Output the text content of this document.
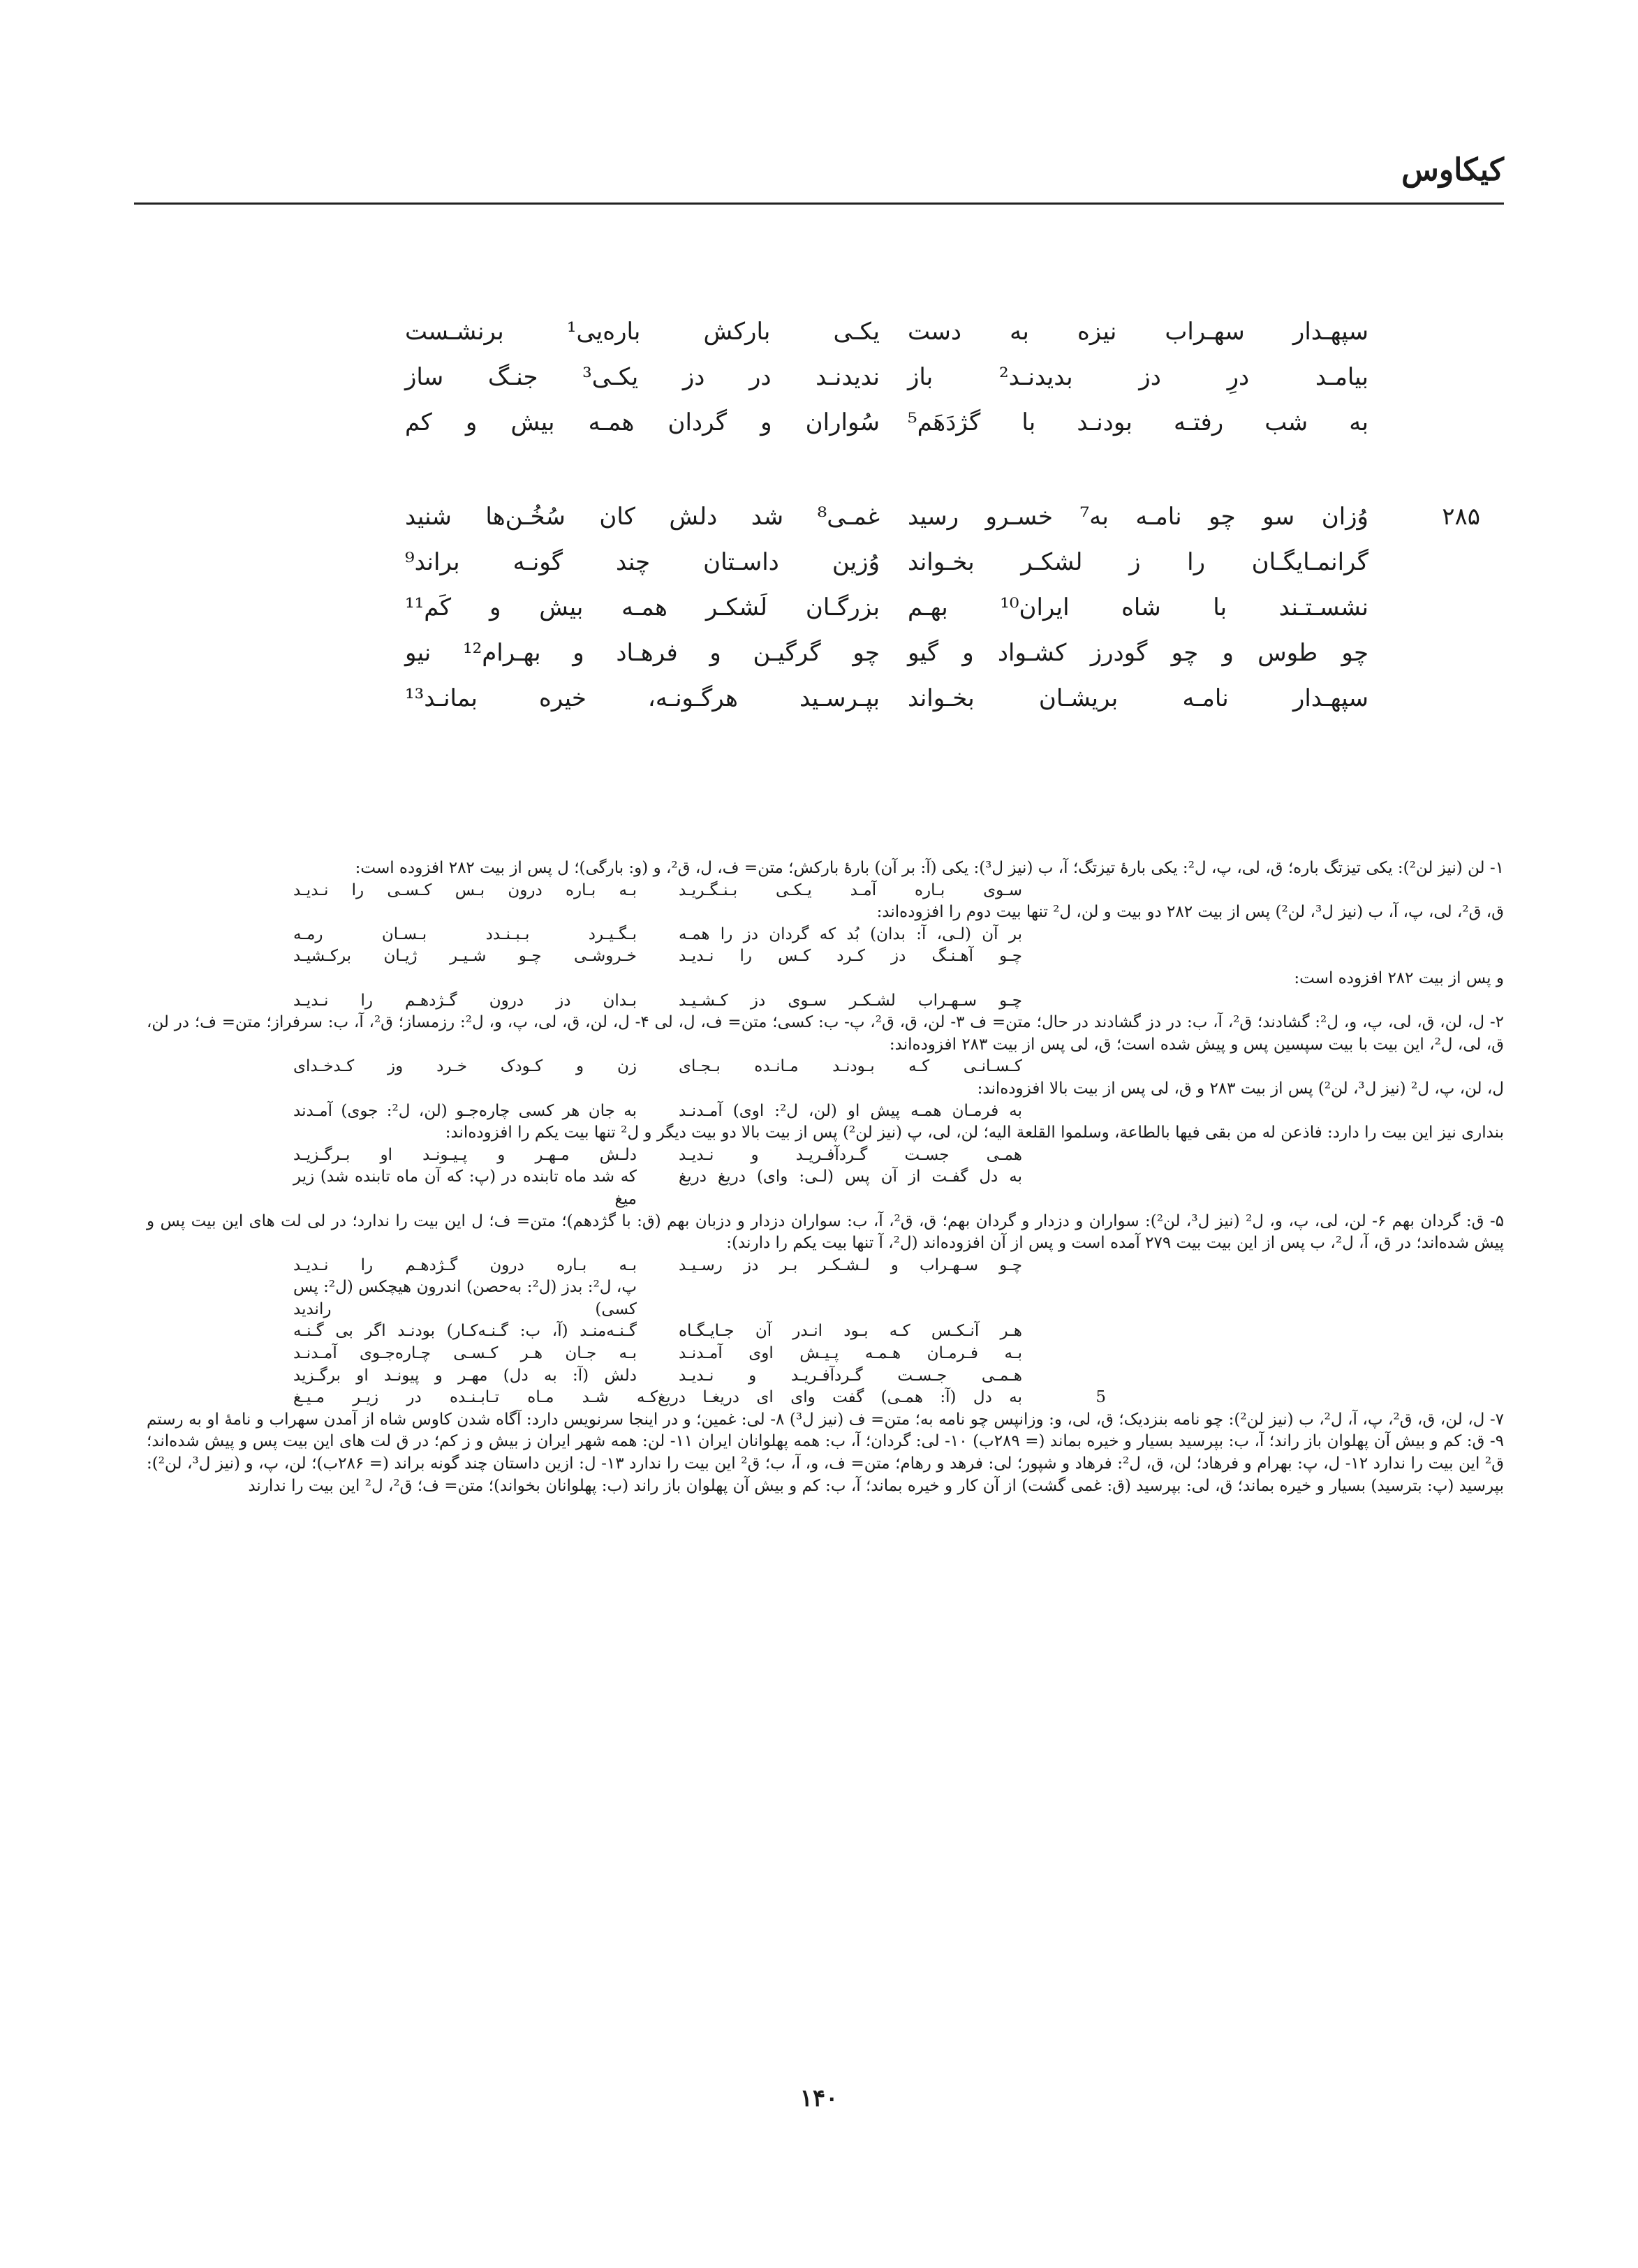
کیکاوس
سپهـدار سهـراب نیزه به دست
یکـی بارکش باره‌یی¹ برنشـست
بیامـد درِ دز بدیدنـد² باز
ندیدنـد در دز یکـی³ جنـگ ساز
به شب رفتـه بودنـد با گژدَهَم⁵
سُواران و گردان همـه بیش و کم
۲۸۵
وُزان سو چو نامـه به⁷ خسـرو رسید
غمـی⁸ شد دلش کان سُخُـن‌ها شنید
گرانمـایگـان را ز لشکـر بخـواند
وُزین داسـتان چند گونـه براند⁹
نشسـتـند با شاه ایران¹⁰ بهـم
بزرگـان لَشکـر همـه بیش و کَم¹¹
چو طوس و چو گودرز کشـواد و گیو
چو گرگیـن و فرهـاد و بهـرام¹² نیو
سپهـدار نامـه بریشـان بخـواند
بپـرسـید هرگـونـه، خیره بمانـد¹³

۱- لن (نیز لن²): یکی تیزتگ باره؛ ق، لی، پ، ل²: یکی بارهٔ تیزتگ؛ آ، ب (نیز ل³): یکی (آ: بر آن) بارهٔ بارکش؛ متن= ف، ل، ق²، و (و: بارگی)؛ ل پس از بیت ۲۸۲ افزوده است:

سـوی بـاره آمـد یـکـی بـنـگـریـد
بـه بـاره درون بـس کـسـی را نـدیـد

ق، ق²، لی، پ، آ، ب (نیز ل³، لن²) پس از بیت ۲۸۲ دو بیت و لن، ل² تنها بیت دوم را افزوده‌اند:

بر آن (لـی، آ: بدان) بُد که گردان دز را همـه
بـگـیـرد بـبـنـدد بـسـان رمـه
چـو آهـنـگ دز کـرد کـس را نـدیـد
خـروشـی چـو شـیـر ژیـان برکـشیـد

و پس از بیت ۲۸۲ افزوده است:

چـو سـهـراب لشـکـر سـوی دز کـشـیـد
بـدان دز درون گـژدهـم را نـدیـد

۲- ل، لن، ق، لی، پ، و، ل²: گشادند؛ ق²، آ، ب: در دز گشادند در حال؛ متن= ف ۳- لن، ق، ق²، پ- ب: کسی؛ متن= ف، ل، لی ۴- ل، لن، ق، لی، پ، و، ل²: رزمساز؛ ق²، آ، ب: سرفراز؛ متن= ف؛ در لن، ق، لی، ل²، این بیت با بیت سپسین پس و پیش شده است؛ ق، لی پس از بیت ۲۸۳ افزوده‌اند:

کـسـانـی کـه بـودنـد مـانـده بـجـای
زن و کـودک خـرد وز کـدخـدای

ل، لن، پ، ل² (نیز ل³، لن²) پس از بیت ۲۸۳ و ق، لی پس از بیت بالا افزوده‌اند:

به فرمـان همـه پیش او (لن، ل²: اوی) آمـدنـد
به جان هر کسی چاره‌جـو (لن، ل²: جوی) آمـدند

بنداری نیز این بیت را دارد: فاذعن له من بقی فیها بالطاعة، وسلموا القلعة الیه؛ لن، لی، پ (نیز لن²) پس از بیت بالا دو بیت دیگر و ل² تنها بیت یکم را افزوده‌اند:

همـی جسـت گـردآفـریـد و نـدیـد
دلـش مـهـر و پـیـونـد او بـرگـزیـد
به دل گفـت از آن پس (لـی: وای) دریغ دریغ
که شد ماه تابنده در (پ: که آن ماه تابنده شد) زیر میغ

۵- ق: گردان بهم ۶- لن، لی، پ، و، ل² (نیز ل³، لن²): سواران و دزدار و گردان بهم؛ ق، ق²، آ، ب: سواران دزدار و دزبان بهم (ق: با گژدهم)؛ متن= ف؛ ل این بیت را ندارد؛ در لی لت های این بیت پس و پیش شده‌اند؛ در ق، آ، ل²، ب پس از این بیت بیت ۲۷۹ آمده است و پس از آن افزوده‌اند (ل²، آ تنها بیت یکم را دارند):

چـو سـهـراب و لـشـکـر بـر دز رسـیـد
بـه بـاره درون گـژدهـم را نـدیـد
پ، ل²: بدز (ل²: به‌حصن) اندرون هیچکس (ل²: پس کسی) راندید
هـر آنـکـس کـه بـود انـدر آن جـایـگـاه
گـنـه‌منـد (آ، ب: گـنـه‌کـار) بودنـد اگر بی گـنـه
بـه فـرمـان هـمـه پـیـش اوی آمـدنـد
بـه جـان هـر کـسـی چـاره‌جـوی آمـدنـد
هـمـی جـسـت گـردآفـریـد و نـدیـد
دلش (آ: به دل) مهـر و پیونـد او برگـزید
5
به دل (آ: همـی) گفت وای ای دریغـا دریغ
کـه شـد مـاه تـابـنـده در زیـر مـیـغ

۷- ل، لن، ق، ق²، پ، آ، ل²، ب (نیز لن²): چو نامه بنزدیک؛ ق، لی، و: وزانپس چو نامه به؛ متن= ف (نیز ل³) ۸- لی: غمین؛ و در اینجا سرنویس دارد: آگاه شدن کاوس شاه از آمدن سهراب و نامهٔ او به رستم ۹- ق: کم و بیش آن پهلوان باز راند؛ آ، ب: بپرسید بسیار و خیره بماند (= ۲۸۹ب) ۱۰- لی: گردان؛ آ، ب: همه پهلوانان ایران ۱۱- لن: همه شهر ایران ز بیش و ز کم؛ در ق لت های این بیت پس و پیش شده‌اند؛ ق² این بیت را ندارد ۱۲- ل، پ: بهرام و فرهاد؛ لن، ق، ل²: فرهاد و شپور؛ لی: فرهد و رهام؛ متن= ف، و، آ، ب؛ ق² این بیت را ندارد ۱۳- ل: ازین داستان چند گونه براند (= ۲۸۶ب)؛ لن، پ، و (نیز ل³، لن²): بپرسید (پ: بترسید) بسیار و خیره بماند؛ ق، لی: بپرسید (ق: غمی گشت) از آن کار و خیره بماند؛ آ، ب: کم و بیش آن پهلوان باز راند (ب: پهلوانان بخواند)؛ متن= ف؛ ق²، ل² این بیت را ندارند

۱۴۰
